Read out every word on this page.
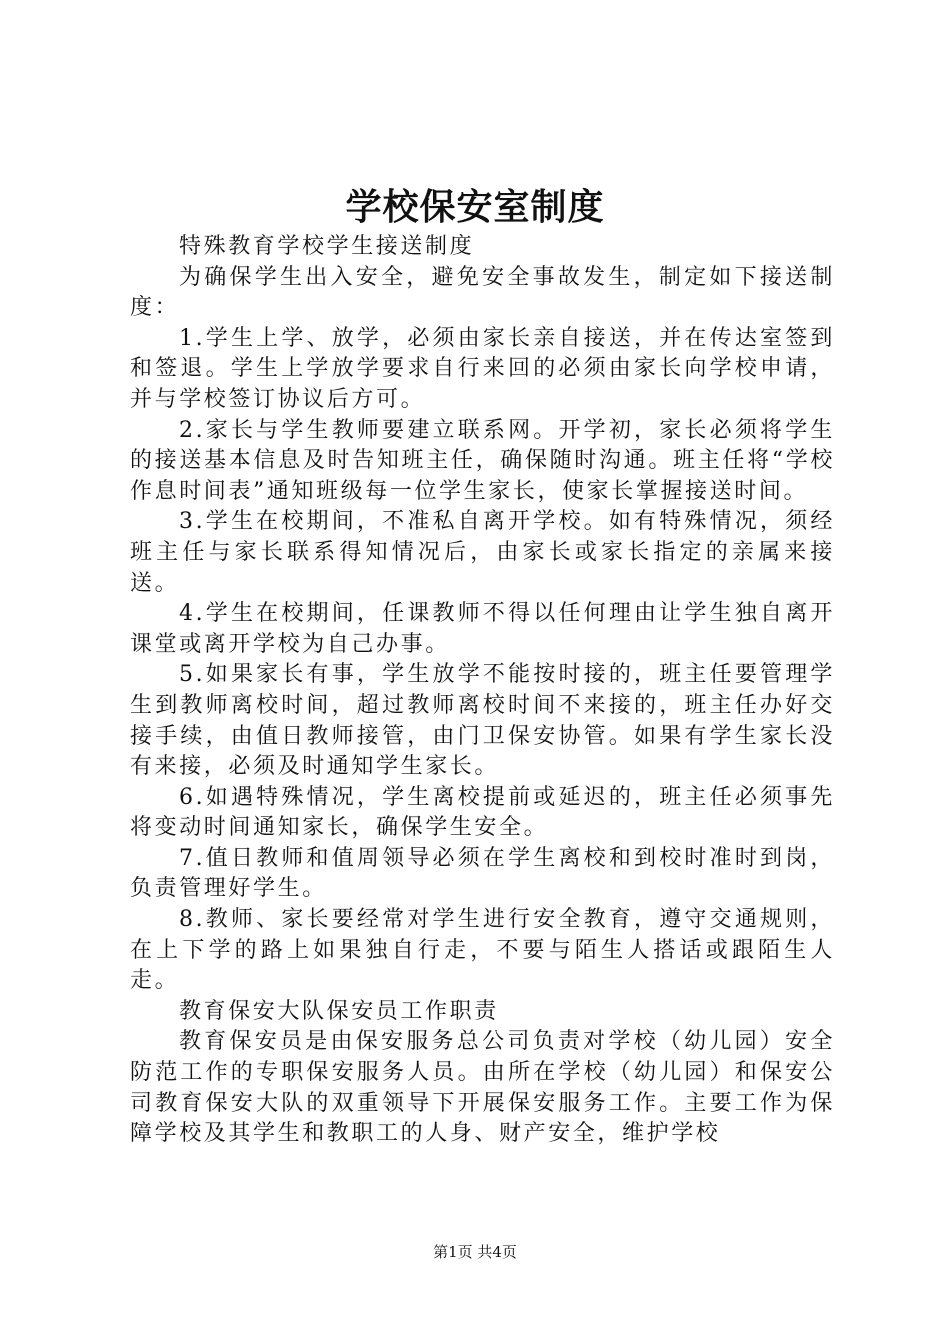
学校保安室制度

特殊教育学校学生接送制度

为确保学生出入安全，避免安全事故发生，制定如下接送制度：

1.学生上学、放学，必须由家长亲自接送，并在传达室签到和签退。学生上学放学要求自行来回的必须由家长向学校申请，并与学校签订协议后方可。

2.家长与学生教师要建立联系网。开学初，家长必须将学生的接送基本信息及时告知班主任，确保随时沟通。班主任将“学校作息时间表”通知班级每一位学生家长，使家长掌握接送时间。

3.学生在校期间，不准私自离开学校。如有特殊情况，须经班主任与家长联系得知情况后，由家长或家长指定的亲属来接送。

4.学生在校期间，任课教师不得以任何理由让学生独自离开课堂或离开学校为自己办事。

5.如果家长有事，学生放学不能按时接的，班主任要管理学生到教师离校时间，超过教师离校时间不来接的，班主任办好交接手续，由值日教师接管，由门卫保安协管。如果有学生家长没有来接，必须及时通知学生家长。

6.如遇特殊情况，学生离校提前或延迟的，班主任必须事先将变动时间通知家长，确保学生安全。

7.值日教师和值周领导必须在学生离校和到校时准时到岗，负责管理好学生。

8.教师、家长要经常对学生进行安全教育，遵守交通规则，在上下学的路上如果独自行走，不要与陌生人搭话或跟陌生人走。

教育保安大队保安员工作职责

教育保安员是由保安服务总公司负责对学校（幼儿园）安全防范工作的专职保安服务人员。由所在学校（幼儿园）和保安公司教育保安大队的双重领导下开展保安服务工作。主要工作为保障学校及其学生和教职工的人身、财产安全，维护学校

第1页 共4页
